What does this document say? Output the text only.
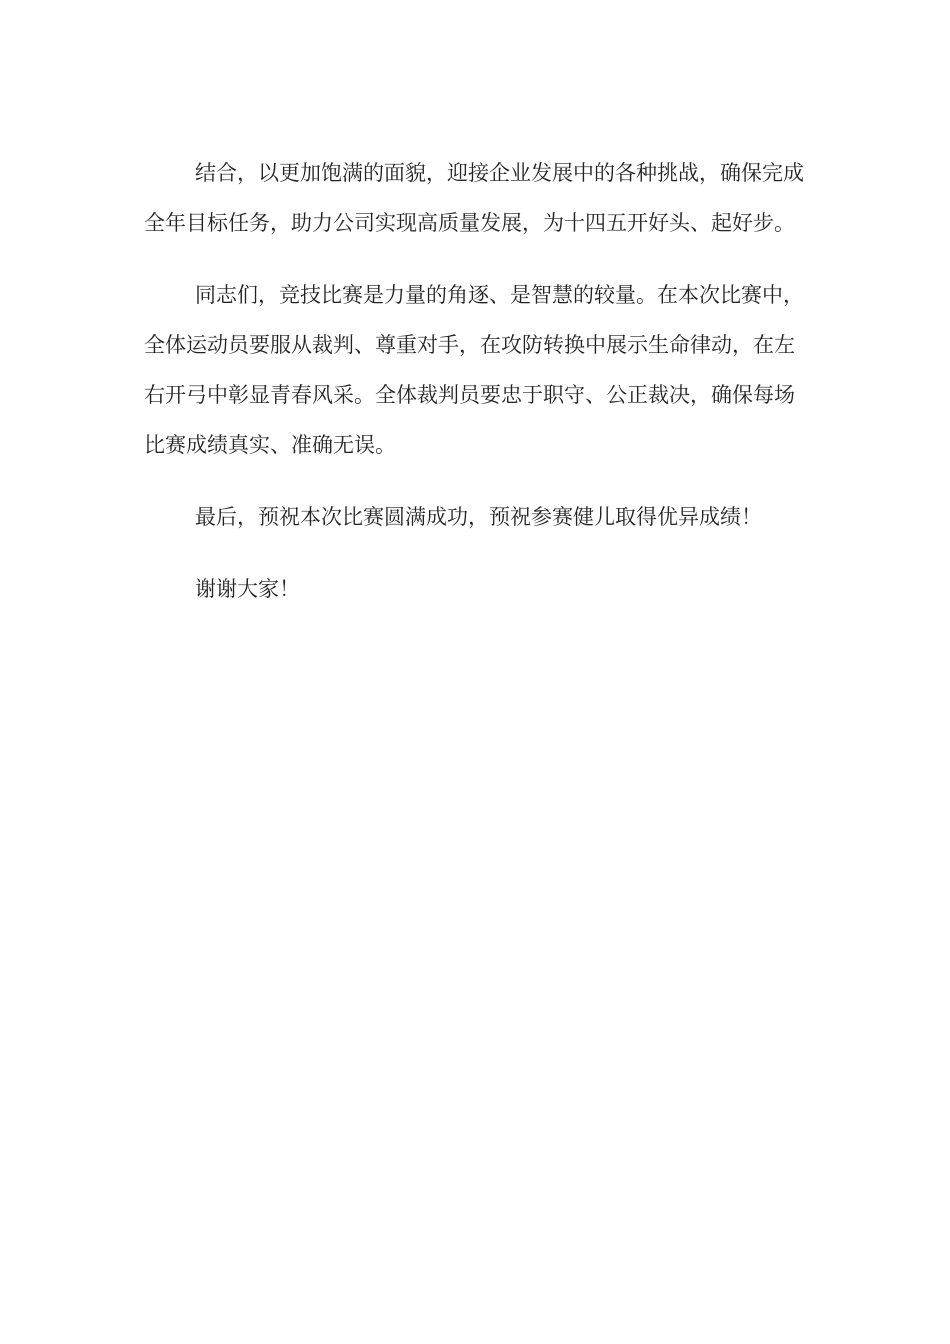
结合，以更加饱满的面貌，迎接企业发展中的各种挑战，确保完成全年目标任务，助力公司实现高质量发展，为十四五开好头、起好步。

同志们，竞技比赛是力量的角逐、是智慧的较量。在本次比赛中，全体运动员要服从裁判、尊重对手，在攻防转换中展示生命律动，在左右开弓中彰显青春风采。全体裁判员要忠于职守、公正裁决，确保每场比赛成绩真实、准确无误。

最后，预祝本次比赛圆满成功，预祝参赛健儿取得优异成绩！

谢谢大家！
